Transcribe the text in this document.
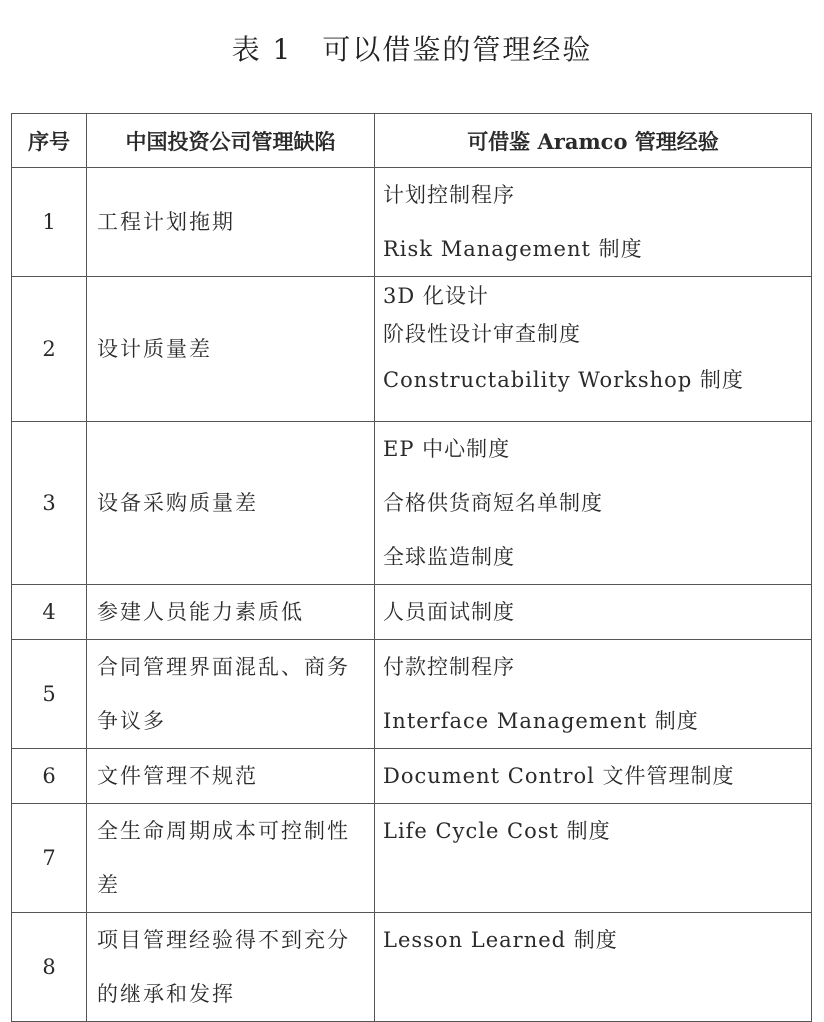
表 1 可以借鉴的管理经验
序号	中国投资公司管理缺陷	可借鉴 Aramco 管理经验
1	工程计划拖期	计划控制程序
Risk Management 制度

2	设计质量差	3D 化设计
阶段性设计审查制度
Constructability Workshop 制度

3	设备采购质量差	EP 中心制度
合格供货商短名单制度
全球监造制度

4	参建人员能力素质低	人员面试制度

5	合同管理界面混乱、商务争议多	付款控制程序
Interface Management 制度

6	文件管理不规范	Document Control 文件管理制度

7	全生命周期成本可控制性差	Life Cycle Cost 制度

8	项目管理经验得不到充分的继承和发挥	Lesson Learned 制度
